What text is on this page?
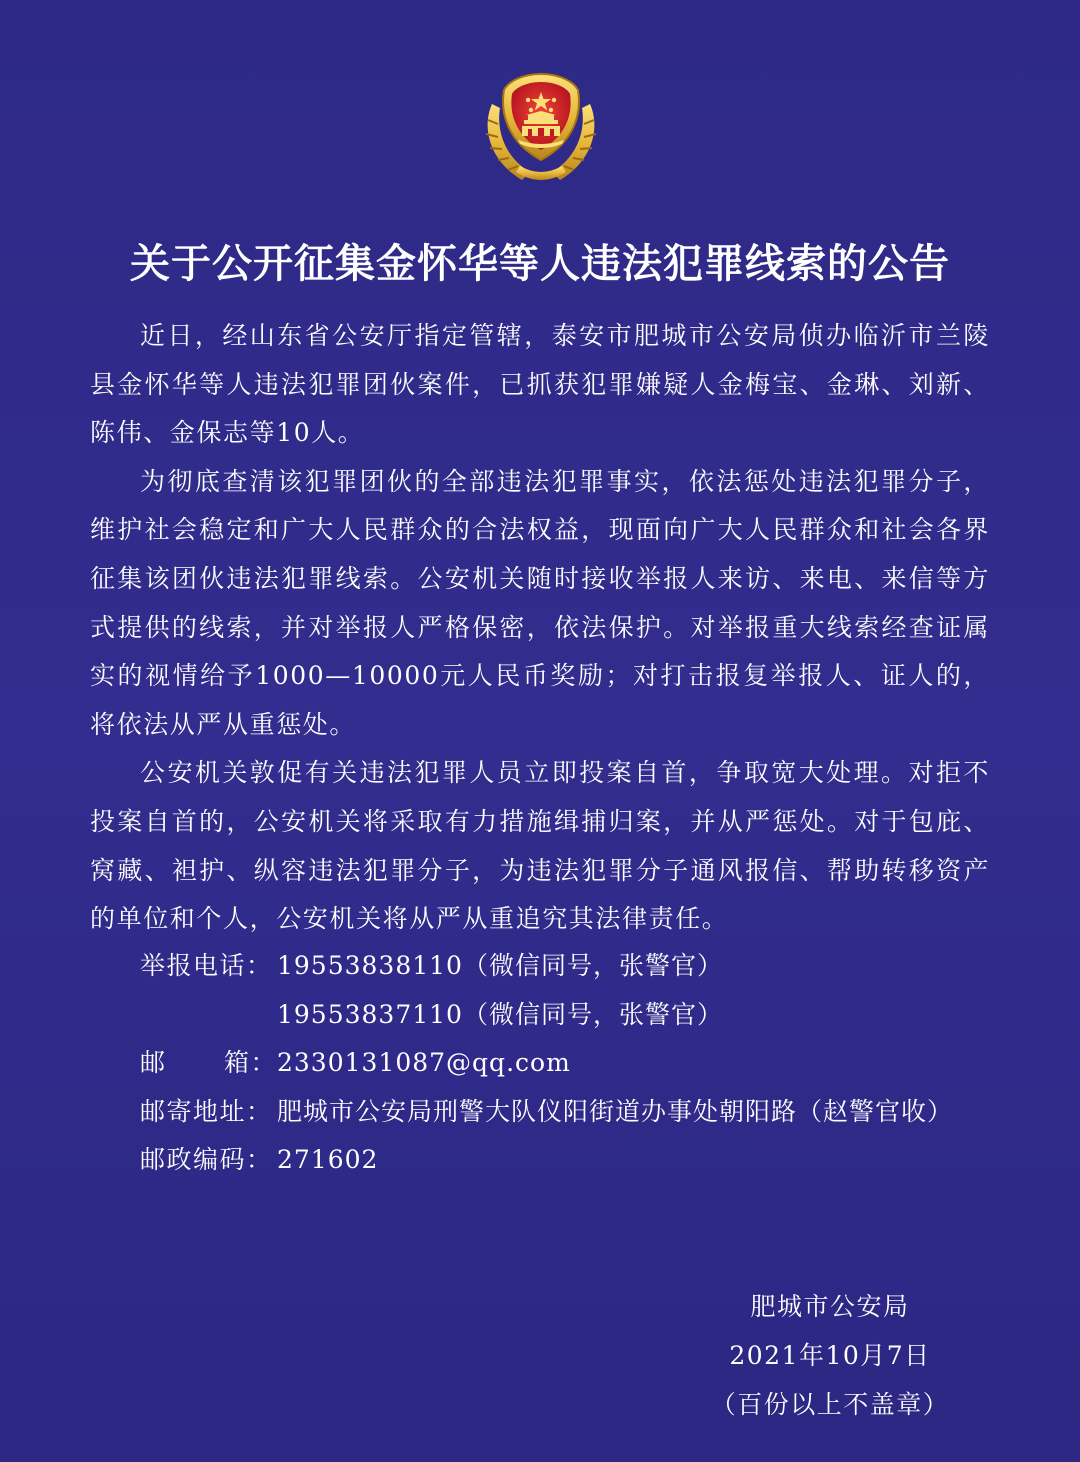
关于公开征集金怀华等人违法犯罪线索的公告

近日，经山东省公安厅指定管辖，泰安市肥城市公安局侦办临沂市兰陵县金怀华等人违法犯罪团伙案件，已抓获犯罪嫌疑人金梅宝、金琳、刘新、陈伟、金保志等10人。

为彻底查清该犯罪团伙的全部违法犯罪事实，依法惩处违法犯罪分子，维护社会稳定和广大人民群众的合法权益，现面向广大人民群众和社会各界征集该团伙违法犯罪线索。公安机关随时接收举报人来访、来电、来信等方式提供的线索，并对举报人严格保密，依法保护。对举报重大线索经查证属实的视情给予1000—10000元人民币奖励；对打击报复举报人、证人的，将依法从严从重惩处。

公安机关敦促有关违法犯罪人员立即投案自首，争取宽大处理。对拒不投案自首的，公安机关将采取有力措施缉捕归案，并从严惩处。对于包庇、窝藏、袒护、纵容违法犯罪分子，为违法犯罪分子通风报信、帮助转移资产的单位和个人，公安机关将从严从重追究其法律责任。

举报电话： 19553838110（微信同号，张警官）
19553837110（微信同号，张警官）
邮 箱： 2330131087@qq.com
邮寄地址： 肥城市公安局刑警大队仪阳街道办事处朝阳路（赵警官收）
邮政编码： 271602
肥城市公安局
2021年10月7日
（百份以上不盖章）
